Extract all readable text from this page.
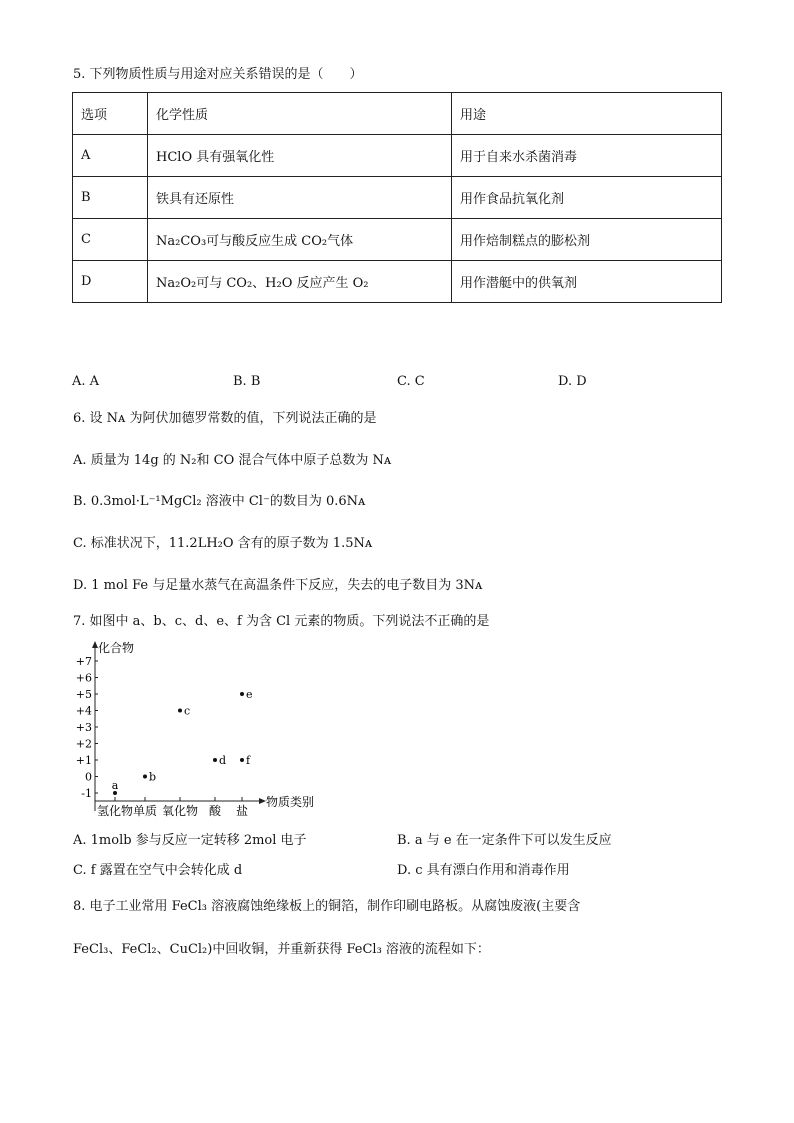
5. 下列物质性质与用途对应关系错误的是（　　）
选项	化学性质	用途
A	HClO 具有强氧化性	用于自来水杀菌消毒
B	铁具有还原性	用作食品抗氧化剂
C	Na₂CO₃可与酸反应生成 CO₂气体	用作焙制糕点的膨松剂
D	Na₂O₂可与 CO₂、H₂O 反应产生 O₂	用作潜艇中的供氧剂
A. A	B. B	C. C	D. D
6. 设 Nᴀ 为阿伏加德罗常数的值，下列说法正确的是
A. 质量为 14g 的 N₂和 CO 混合气体中原子总数为 Nᴀ
B. 0.3mol·L⁻¹MgCl₂ 溶液中 Cl⁻的数目为 0.6Nᴀ
C. 标准状况下，11.2LH₂O 含有的原子数为 1.5Nᴀ
D. 1 mol Fe 与足量水蒸气在高温条件下反应，失去的电子数目为 3Nᴀ
7. 如图中 a、b、c、d、e、f 为含 Cl 元素的物质。下列说法不正确的是
化合物
物质类别
+7
+6
+5
+4
+3
+2
+1
0
-1
氢化物 单质 氧化物 酸 盐
a
b
c
d
e
f
A. 1molb 参与反应一定转移 2mol 电子	B. a 与 e 在一定条件下可以发生反应
C. f 露置在空气中会转化成 d	D. c 具有漂白作用和消毒作用
8. 电子工业常用 FeCl₃ 溶液腐蚀绝缘板上的铜箔，制作印刷电路板。从腐蚀废液(主要含
FeCl₃、FeCl₂、CuCl₂)中回收铜，并重新获得 FeCl₃ 溶液的流程如下：
